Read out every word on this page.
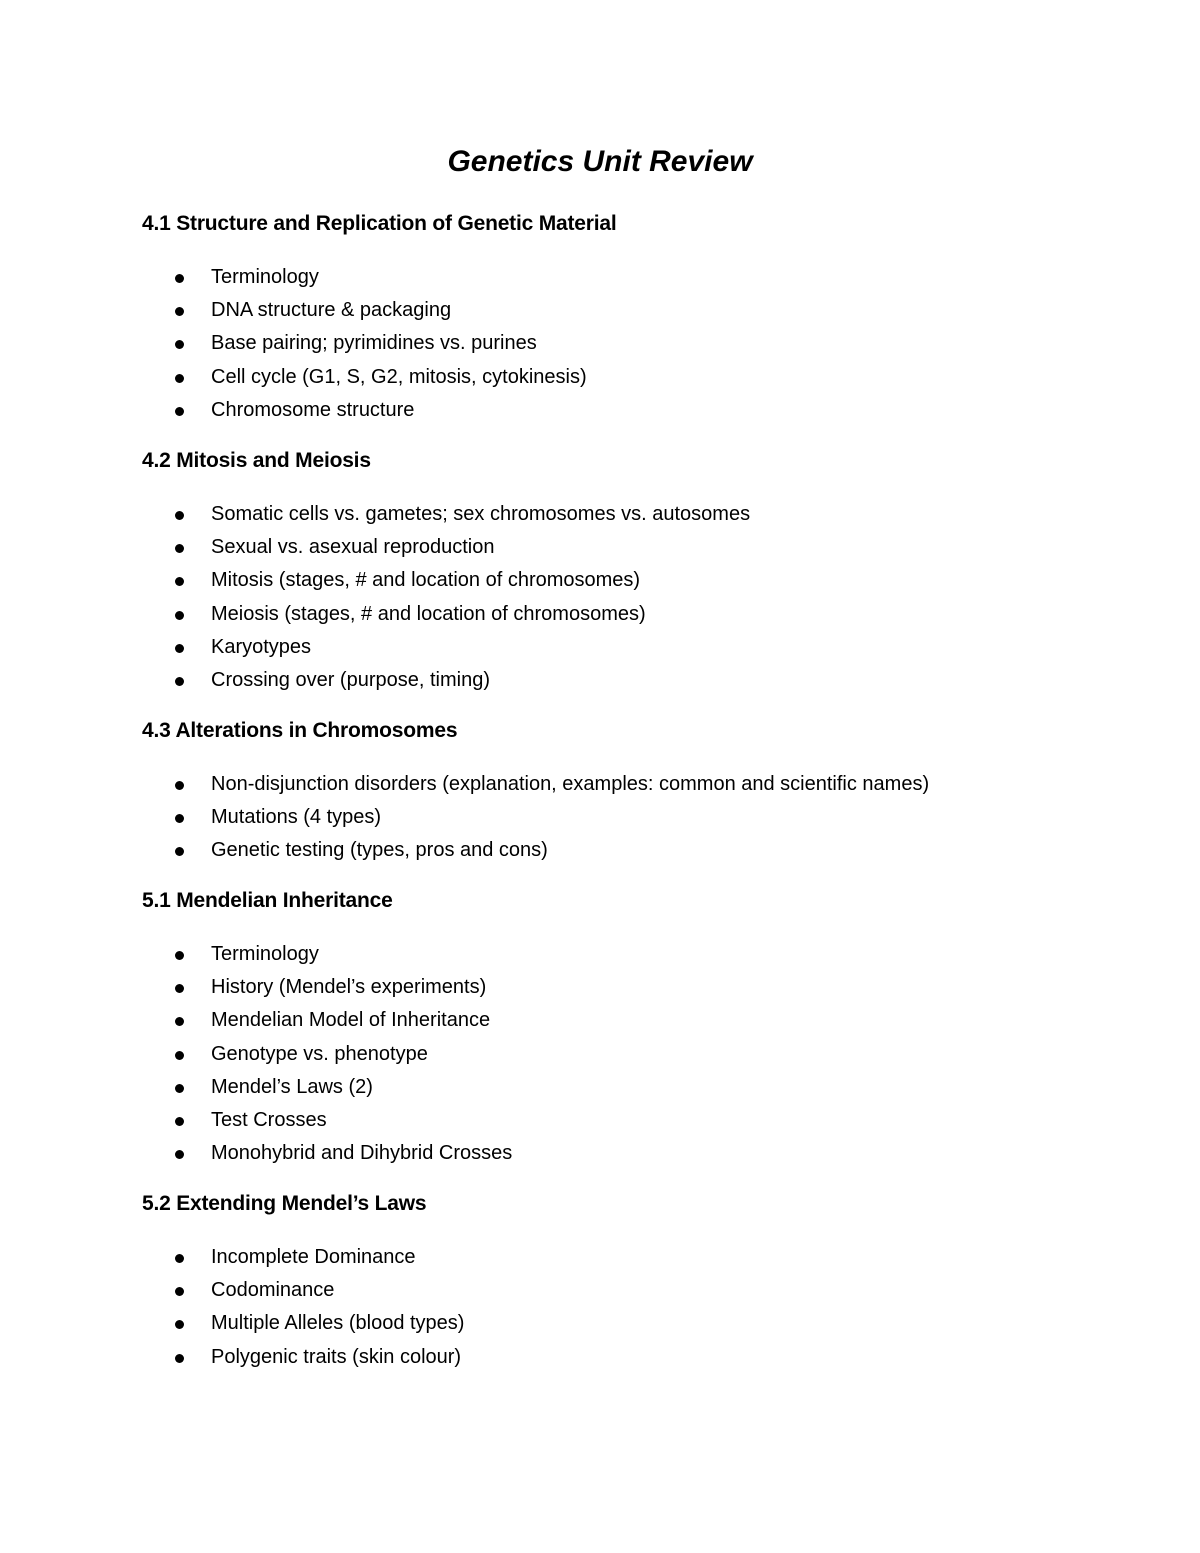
Genetics Unit Review
4.1 Structure and Replication of Genetic Material
Terminology
DNA structure & packaging
Base pairing; pyrimidines vs. purines
Cell cycle (G1, S, G2, mitosis, cytokinesis)
Chromosome structure
4.2 Mitosis and Meiosis
Somatic cells vs. gametes; sex chromosomes vs. autosomes
Sexual vs. asexual reproduction
Mitosis (stages, # and location of chromosomes)
Meiosis (stages, # and location of chromosomes)
Karyotypes
Crossing over (purpose, timing)
4.3 Alterations in Chromosomes
Non-disjunction disorders (explanation, examples: common and scientific names)
Mutations (4 types)
Genetic testing (types, pros and cons)
5.1 Mendelian Inheritance
Terminology
History (Mendel’s experiments)
Mendelian Model of Inheritance
Genotype vs. phenotype
Mendel’s Laws (2)
Test Crosses
Monohybrid and Dihybrid Crosses
5.2 Extending Mendel’s Laws
Incomplete Dominance
Codominance
Multiple Alleles (blood types)
Polygenic traits (skin colour)
